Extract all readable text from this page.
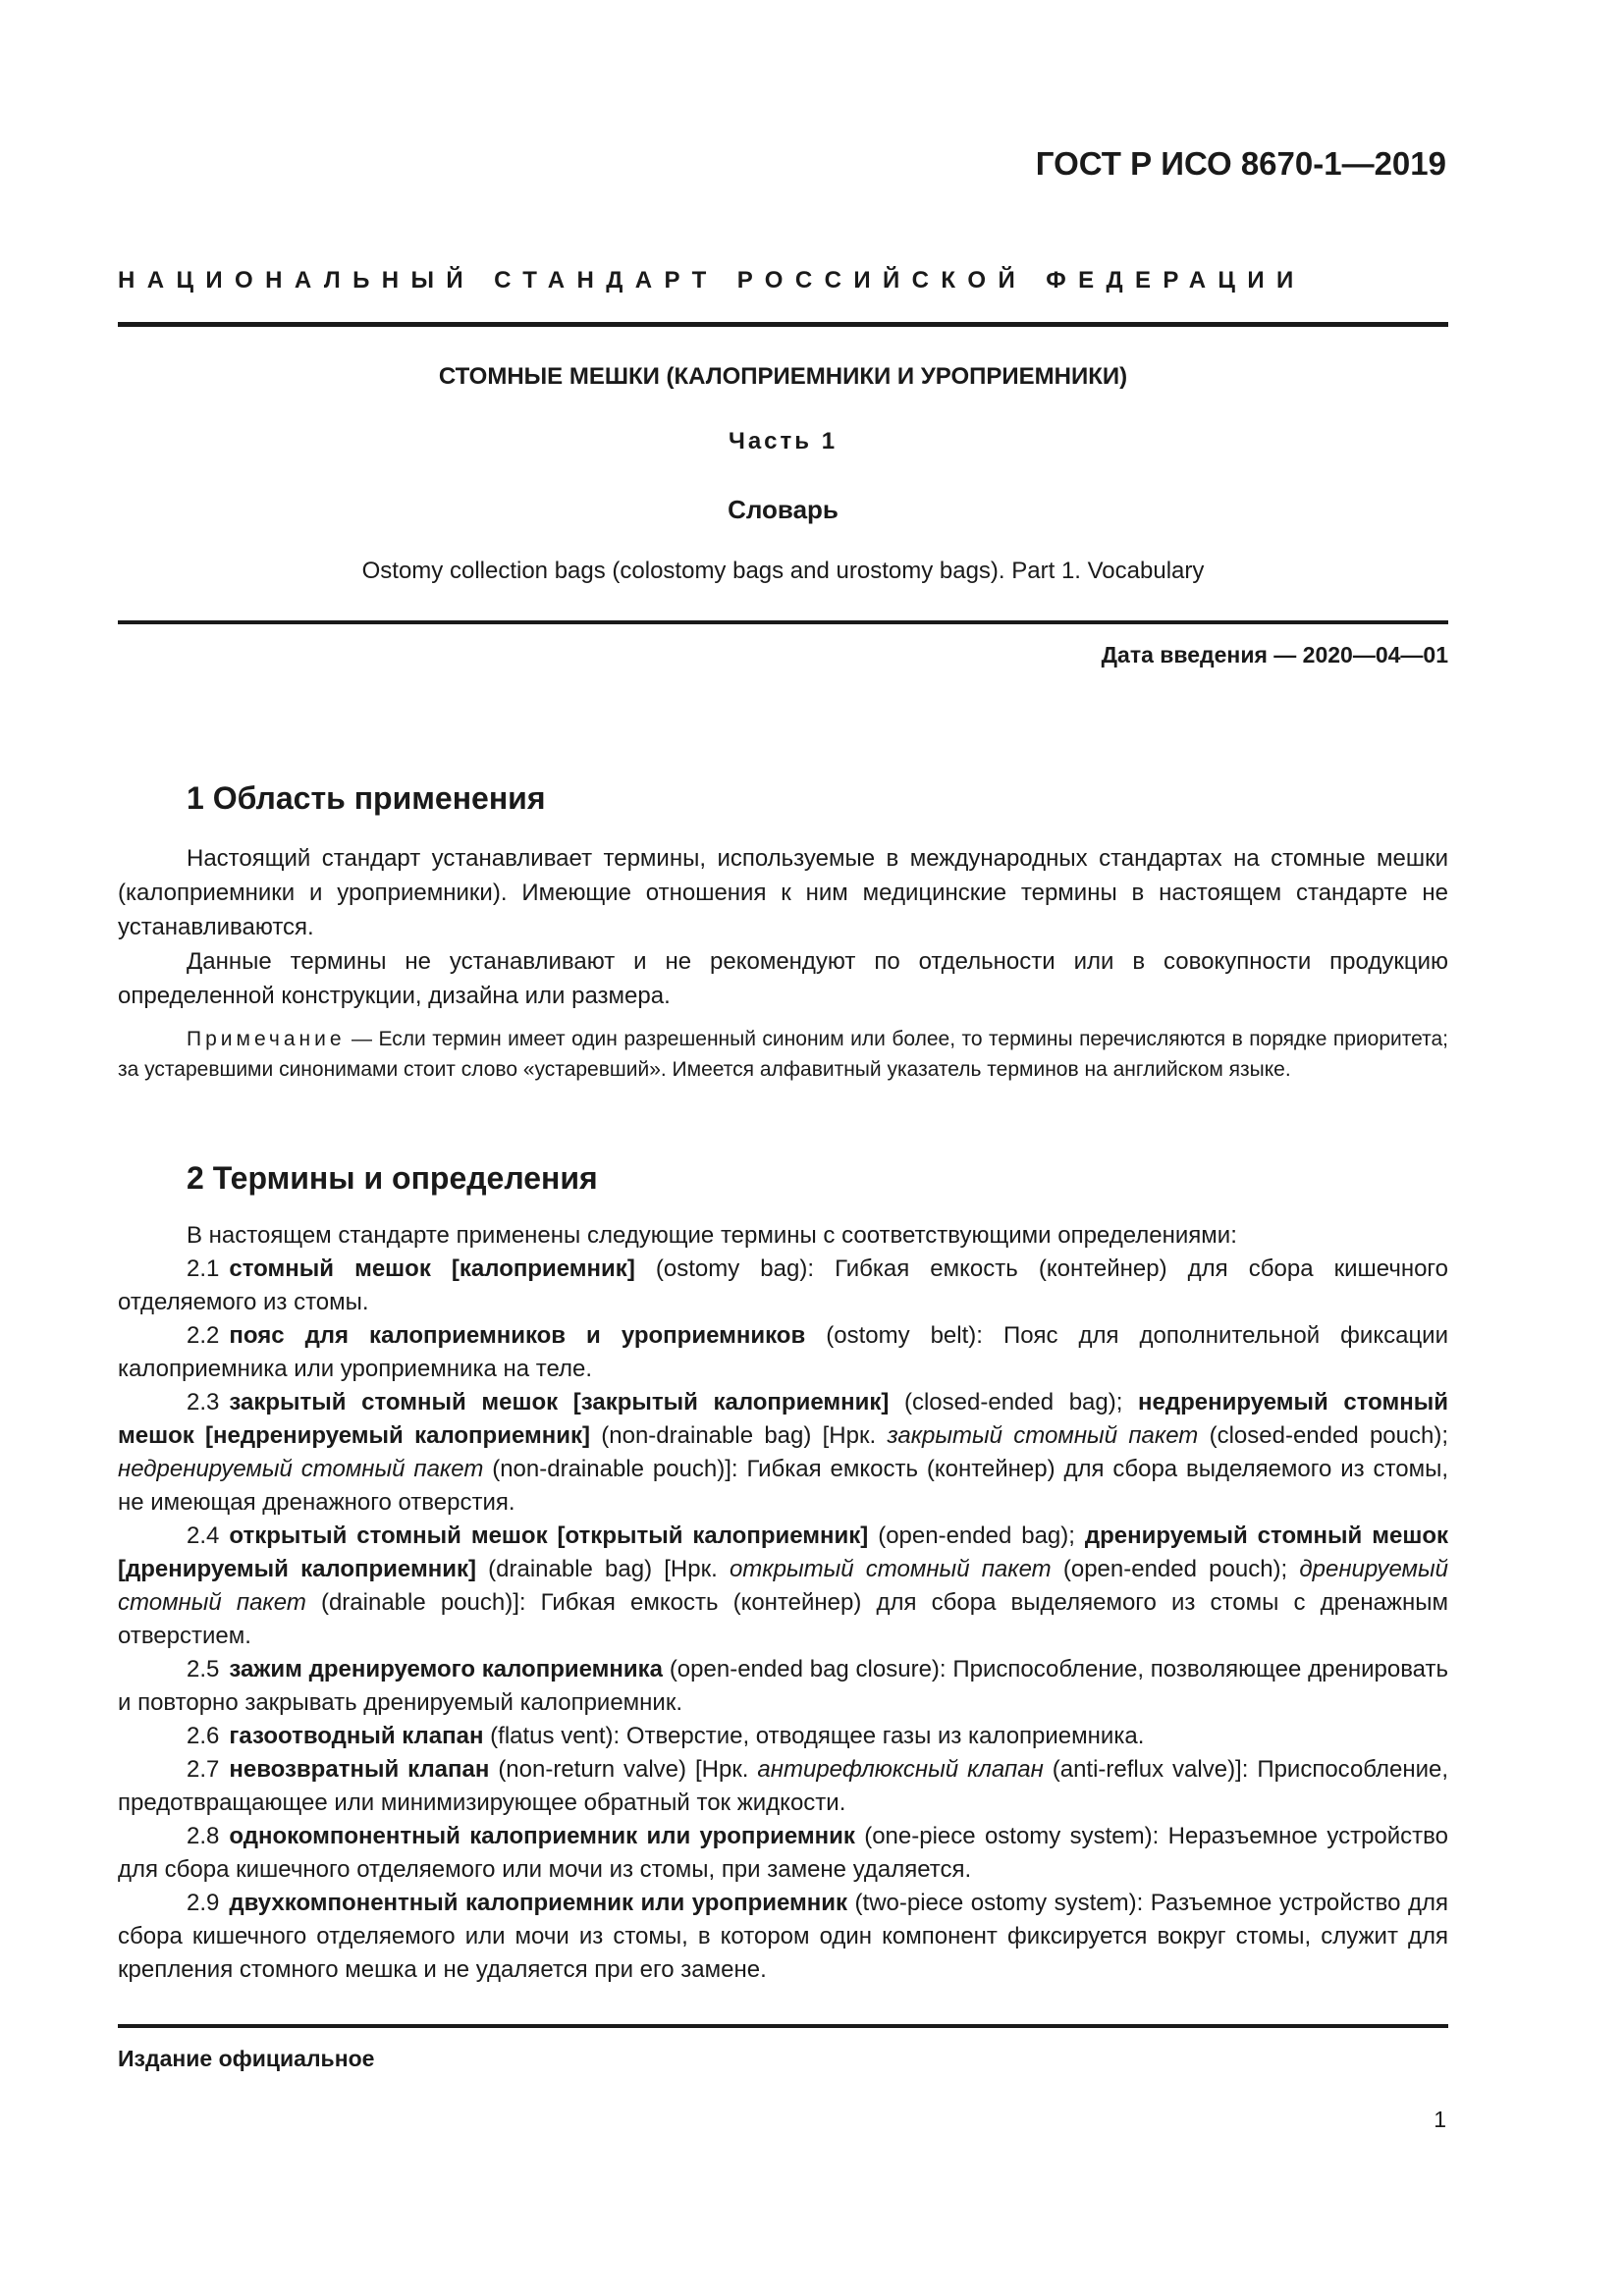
ГОСТ Р ИСО 8670-1—2019
НАЦИОНАЛЬНЫЙ СТАНДАРТ РОССИЙСКОЙ ФЕДЕРАЦИИ
СТОМНЫЕ МЕШКИ (КАЛОПРИЕМНИКИ И УРОПРИЕМНИКИ)
Часть 1
Словарь
Ostomy collection bags (colostomy bags and urostomy bags). Part 1. Vocabulary
Дата введения — 2020—04—01
1 Область применения

Настоящий стандарт устанавливает термины, используемые в международных стандартах на стомные мешки (калоприемники и уроприемники). Имеющие отношения к ним медицинские термины в настоящем стандарте не устанавливаются.

Данные термины не устанавливают и не рекомендуют по отдельности или в совокупности продукцию определенной конструкции, дизайна или размера.

Примечание — Если термин имеет один разрешенный синоним или более, то термины перечисляются в порядке приоритета; за устаревшими синонимами стоит слово «устаревший». Имеется алфавитный указатель терминов на английском языке.

2 Термины и определения

В настоящем стандарте применены следующие термины с соответствующими определениями:

2.1 стомный мешок [калоприемник] (ostomy bag): Гибкая емкость (контейнер) для сбора кишечного отделяемого из стомы.

2.2 пояс для калоприемников и уроприемников (ostomy belt): Пояс для дополнительной фиксации калоприемника или уроприемника на теле.

2.3 закрытый стомный мешок [закрытый калоприемник] (closed-ended bag); недренируемый стомный мешок [недренируемый калоприемник] (non-drainable bag) [Нрк. закрытый стомный пакет (closed-ended pouch); недренируемый стомный пакет (non-drainable pouch)]: Гибкая емкость (контейнер) для сбора выделяемого из стомы, не имеющая дренажного отверстия.

2.4 открытый стомный мешок [открытый калоприемник] (open-ended bag); дренируемый стомный мешок [дренируемый калоприемник] (drainable bag) [Нрк. открытый стомный пакет (open-ended pouch); дренируемый стомный пакет (drainable pouch)]: Гибкая емкость (контейнер) для сбора выделяемого из стомы с дренажным отверстием.

2.5 зажим дренируемого калоприемника (open-ended bag closure): Приспособление, позволяющее дренировать и повторно закрывать дренируемый калоприемник.

2.6 газоотводный клапан (flatus vent): Отверстие, отводящее газы из калоприемника.

2.7 невозвратный клапан (non-return valve) [Нрк. антирефлюксный клапан (anti-reflux valve)]: Приспособление, предотвращающее или минимизирующее обратный ток жидкости.

2.8 однокомпонентный калоприемник или уроприемник (one-piece ostomy system): Неразъемное устройство для сбора кишечного отделяемого или мочи из стомы, при замене удаляется.

2.9 двухкомпонентный калоприемник или уроприемник (two-piece ostomy system): Разъемное устройство для сбора кишечного отделяемого или мочи из стомы, в котором один компонент фиксируется вокруг стомы, служит для крепления стомного мешка и не удаляется при его замене.

Издание официальное
1
